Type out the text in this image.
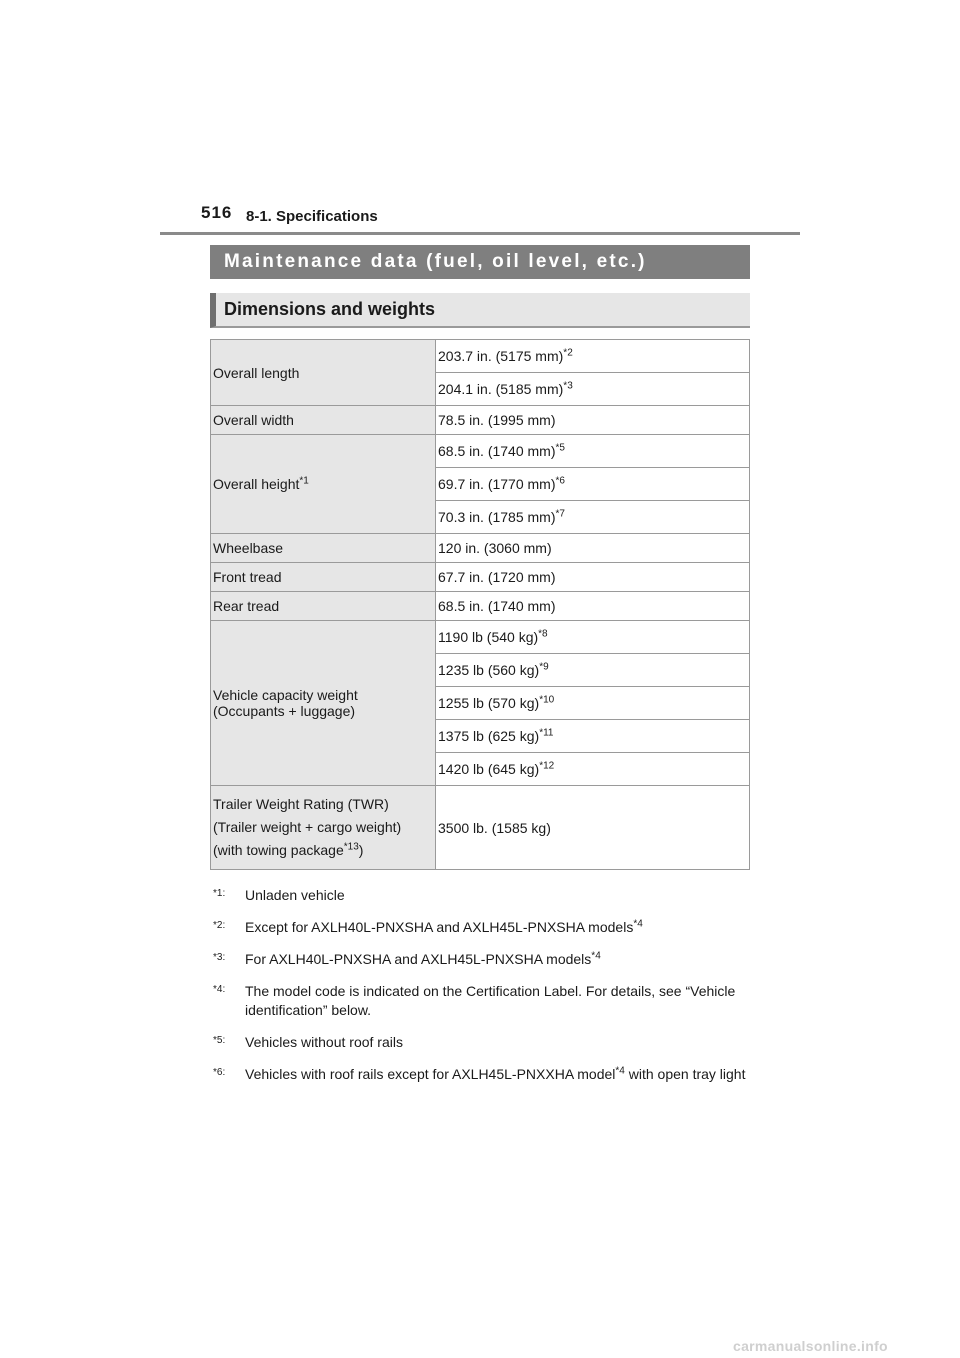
516 8-1. Specifications
Maintenance data (fuel, oil level, etc.)
Dimensions and weights
Overall length	203.7 in. (5175 mm)$^{*2}$
	204.1 in. (5185 mm)$^{*3}$
Overall width	78.5 in. (1995 mm)
Overall height$^{*1}$	68.5 in. (1740 mm)$^{*5}$
	69.7 in. (1770 mm)$^{*6}$
	70.3 in. (1785 mm)$^{*7}$
Wheelbase	120 in. (3060 mm)
Front tread	67.7 in. (1720 mm)
Rear tread	68.5 in. (1740 mm)

Vehicle capacity weight
(Occupants + luggage)	1190 lb (540 kg)$^{*8}$
	1235 lb (560 kg)$^{*9}$
	1255 lb (570 kg)$^{*10}$
	1375 lb (625 kg)$^{*11}$
	1420 lb (645 kg)$^{*12}$

Trailer Weight Rating (TWR)
(Trailer weight + cargo weight)
(with towing package$^{*13}$)	3500 lb. (1585 kg)
*1:	Unladen vehicle
*2:	Except for AXLH40L-PNXSHA and AXLH45L-PNXSHA models$^{*4}$
*3:	For AXLH40L-PNXSHA and AXLH45L-PNXSHA models$^{*4}$
*4:	The model code is indicated on the Certification Label. For details, see “Vehicle identification” below.
*5:	Vehicles without roof rails
*6:	Vehicles with roof rails except for AXLH45L-PNXXHA model$^{*4}$ with open tray light
carmanualsonline.info
